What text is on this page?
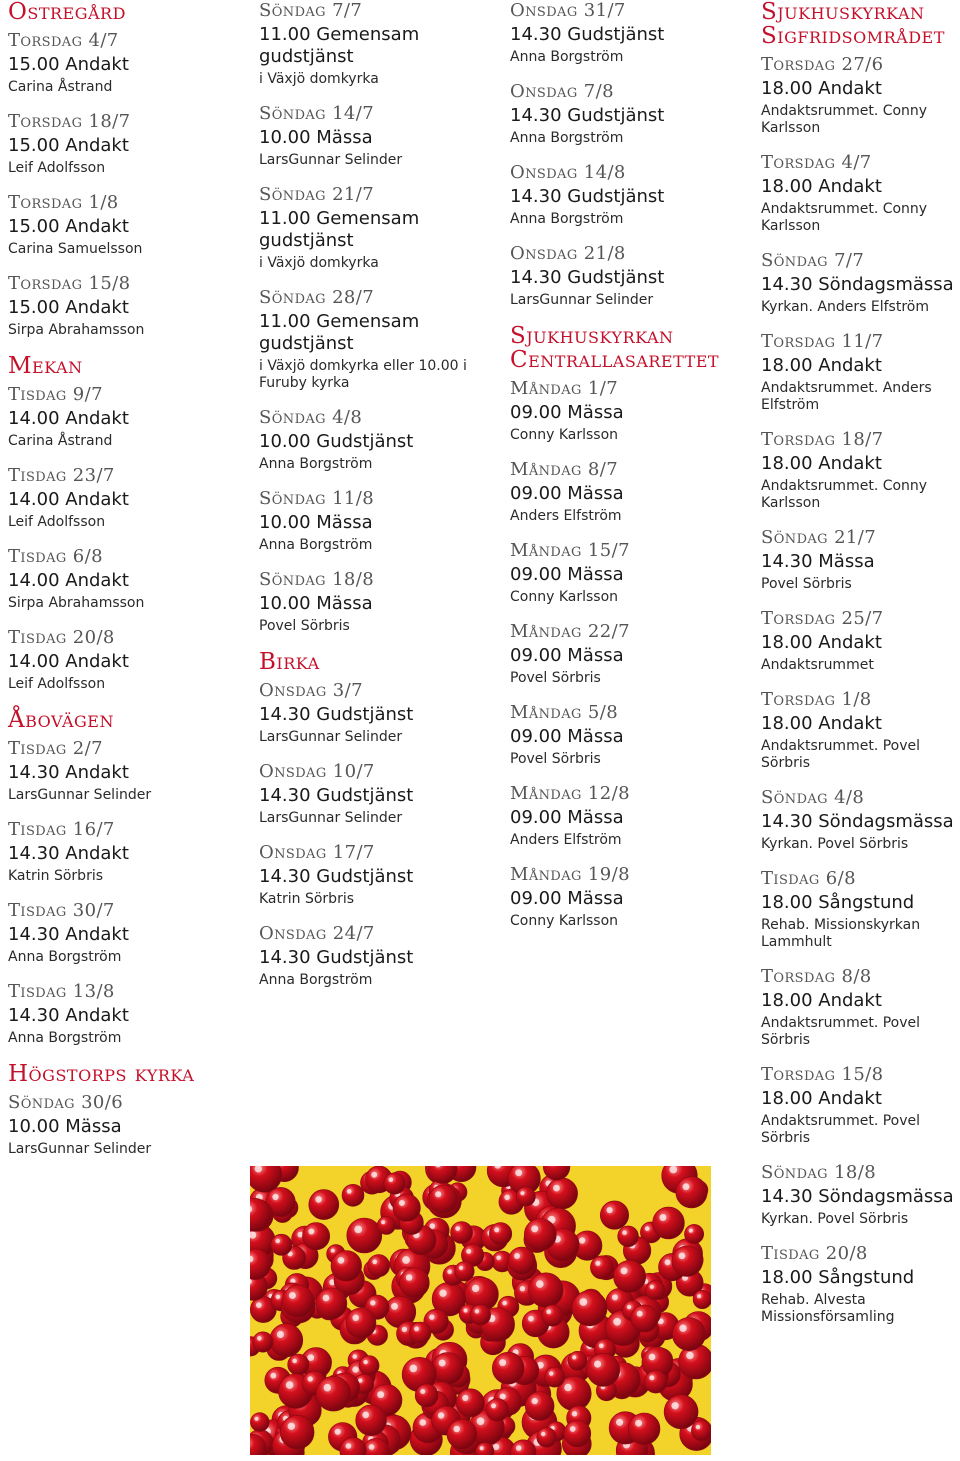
Östregård
Torsdag 4/7
15.00 Andakt
Carina Åstrand
Torsdag 18/7
15.00 Andakt
Leif Adolfsson
Torsdag 1/8
15.00 Andakt
Carina Samuelsson
Torsdag 15/8
15.00 Andakt
Sirpa Abrahamsson
Mekan
Tisdag 9/7
14.00 Andakt
Carina Åstrand
Tisdag 23/7
14.00 Andakt
Leif Adolfsson
Tisdag 6/8
14.00 Andakt
Sirpa Abrahamsson
Tisdag 20/8
14.00 Andakt
Leif Adolfsson
Åbovägen
Tisdag 2/7
14.30 Andakt
LarsGunnar Selinder
Tisdag 16/7
14.30 Andakt
Katrin Sörbris
Tisdag 30/7
14.30 Andakt
Anna Borgström
Tisdag 13/8
14.30 Andakt
Anna Borgström
Högstorps kyrka
Söndag 30/6
10.00 Mässa
LarsGunnar Selinder
Söndag 7/7
11.00 Gemensam gudstjänst
i Växjö domkyrka
Söndag 14/7
10.00 Mässa
LarsGunnar Selinder
Söndag 21/7
11.00 Gemensam gudstjänst
i Växjö domkyrka
Söndag 28/7
11.00 Gemensam gudstjänst
i Växjö domkyrka eller 10.00 i Furuby kyrka
Söndag 4/8
10.00 Gudstjänst
Anna Borgström
Söndag 11/8
10.00 Mässa
Anna Borgström
Söndag 18/8
10.00 Mässa
Povel Sörbris
Birka
Onsdag 3/7
14.30 Gudstjänst
LarsGunnar Selinder
Onsdag 10/7
14.30 Gudstjänst
LarsGunnar Selinder
Onsdag 17/7
14.30 Gudstjänst
Katrin Sörbris
Onsdag 24/7
14.30 Gudstjänst
Anna Borgström
Onsdag 31/7
14.30 Gudstjänst
Anna Borgström
Onsdag 7/8
14.30 Gudstjänst
Anna Borgström
Onsdag 14/8
14.30 Gudstjänst
Anna Borgström
Onsdag 21/8
14.30 Gudstjänst
LarsGunnar Selinder
Sjukhuskyrkan Centrallasarettet
Måndag 1/7
09.00 Mässa
Conny Karlsson
Måndag 8/7
09.00 Mässa
Anders Elfström
Måndag 15/7
09.00 Mässa
Conny Karlsson
Måndag 22/7
09.00 Mässa
Povel Sörbris
Måndag 5/8
09.00 Mässa
Povel Sörbris
Måndag 12/8
09.00 Mässa
Anders Elfström
Måndag 19/8
09.00 Mässa
Conny Karlsson
Sjukhuskyrkan Sigfridsområdet
Torsdag 27/6
18.00 Andakt
Andaktsrummet. Conny Karlsson
Torsdag 4/7
18.00 Andakt
Andaktsrummet. Conny Karlsson
Söndag 7/7
14.30 Söndagsmässa
Kyrkan. Anders Elfström
Torsdag 11/7
18.00 Andakt
Andaktsrummet. Anders Elfström
Torsdag 18/7
18.00 Andakt
Andaktsrummet. Conny Karlsson
Söndag 21/7
14.30 Mässa
Povel Sörbris
Torsdag 25/7
18.00 Andakt
Andaktsrummet
Torsdag 1/8
18.00 Andakt
Andaktsrummet. Povel Sörbris
Söndag 4/8
14.30 Söndagsmässa
Kyrkan. Povel Sörbris
Tisdag 6/8
18.00 Sångstund
Rehab. Missionskyrkan Lammhult
Torsdag 8/8
18.00 Andakt
Andaktsrummet. Povel Sörbris
Torsdag 15/8
18.00 Andakt
Andaktsrummet. Povel Sörbris
Söndag 18/8
14.30 Söndagsmässa
Kyrkan. Povel Sörbris
Tisdag 20/8
18.00 Sångstund
Rehab. Alvesta Missionsförsamling
